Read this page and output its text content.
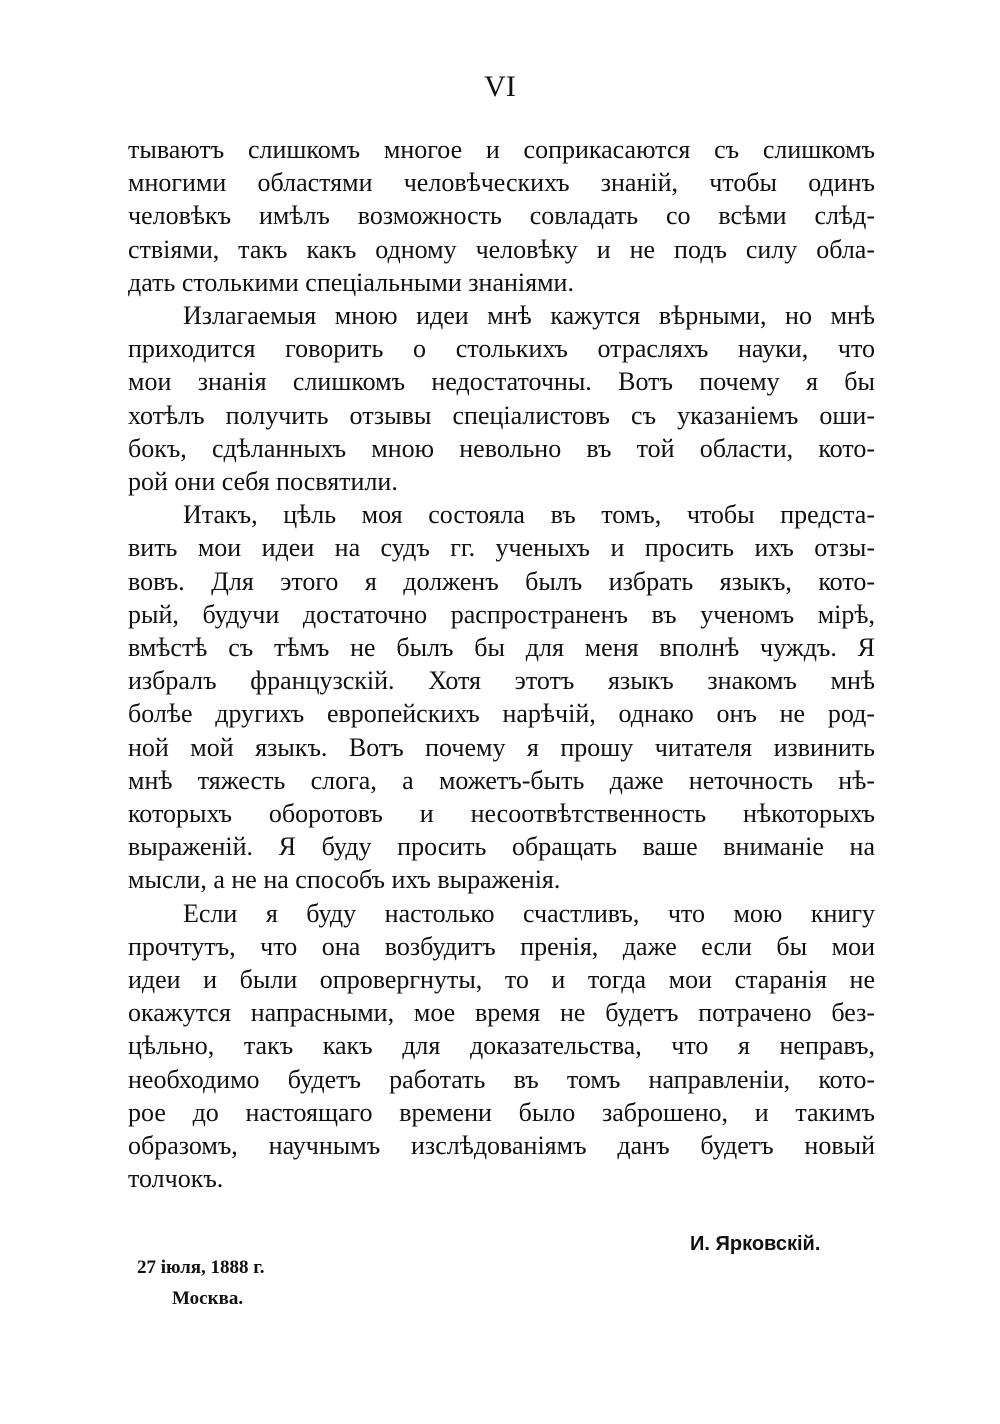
VI
тываютъ слишкомъ многое и соприкасаются съ слишкомъ
многими областями человѣческихъ знаній, чтобы одинъ
человѣкъ имѣлъ возможность совладать со всѣми слѣд-
ствіями, такъ какъ одному человѣку и не подъ силу обла-
дать столькими спеціальными знаніями.
Излагаемыя мною идеи мнѣ кажутся вѣрными, но мнѣ
приходится говорить о столькихъ отрасляхъ науки, что
мои знанія слишкомъ недостаточны. Вотъ почему я бы
хотѣлъ получить отзывы спеціалистовъ съ указаніемъ оши-
бокъ, сдѣланныхъ мною невольно въ той области, кото-
рой они себя посвятили.
Итакъ, цѣль моя состояла въ томъ, чтобы предста-
вить мои идеи на судъ гг. ученыхъ и просить ихъ отзы-
вовъ. Для этого я долженъ былъ избрать языкъ, кото-
рый, будучи достаточно распространенъ въ ученомъ мірѣ,
вмѣстѣ съ тѣмъ не былъ бы для меня вполнѣ чуждъ. Я
избралъ французскій. Хотя этотъ языкъ знакомъ мнѣ
болѣе другихъ европейскихъ нарѣчій, однако онъ не род-
ной мой языкъ. Вотъ почему я прошу читателя извинить
мнѣ тяжесть слога, а можетъ-быть даже неточность нѣ-
которыхъ оборотовъ и несоотвѣтственность нѣкоторыхъ
выраженій. Я буду просить обращать ваше вниманіе на
мысли, а не на способъ ихъ выраженія.
Если я буду настолько счастливъ, что мою книгу
прочтутъ, что она возбудитъ пренія, даже если бы мои
идеи и были опровергнуты, то и тогда мои старанія не
окажутся напрасными, мое время не будетъ потрачено без-
цѣльно, такъ какъ для доказательства, что я неправъ,
необходимо будетъ работать въ томъ направленіи, кото-
рое до настоящаго времени было заброшено, и такимъ
образомъ, научнымъ изслѣдованіямъ данъ будетъ новый
толчокъ.
И. Ярковскій.
27 іюля, 1888 г.
Москва.
